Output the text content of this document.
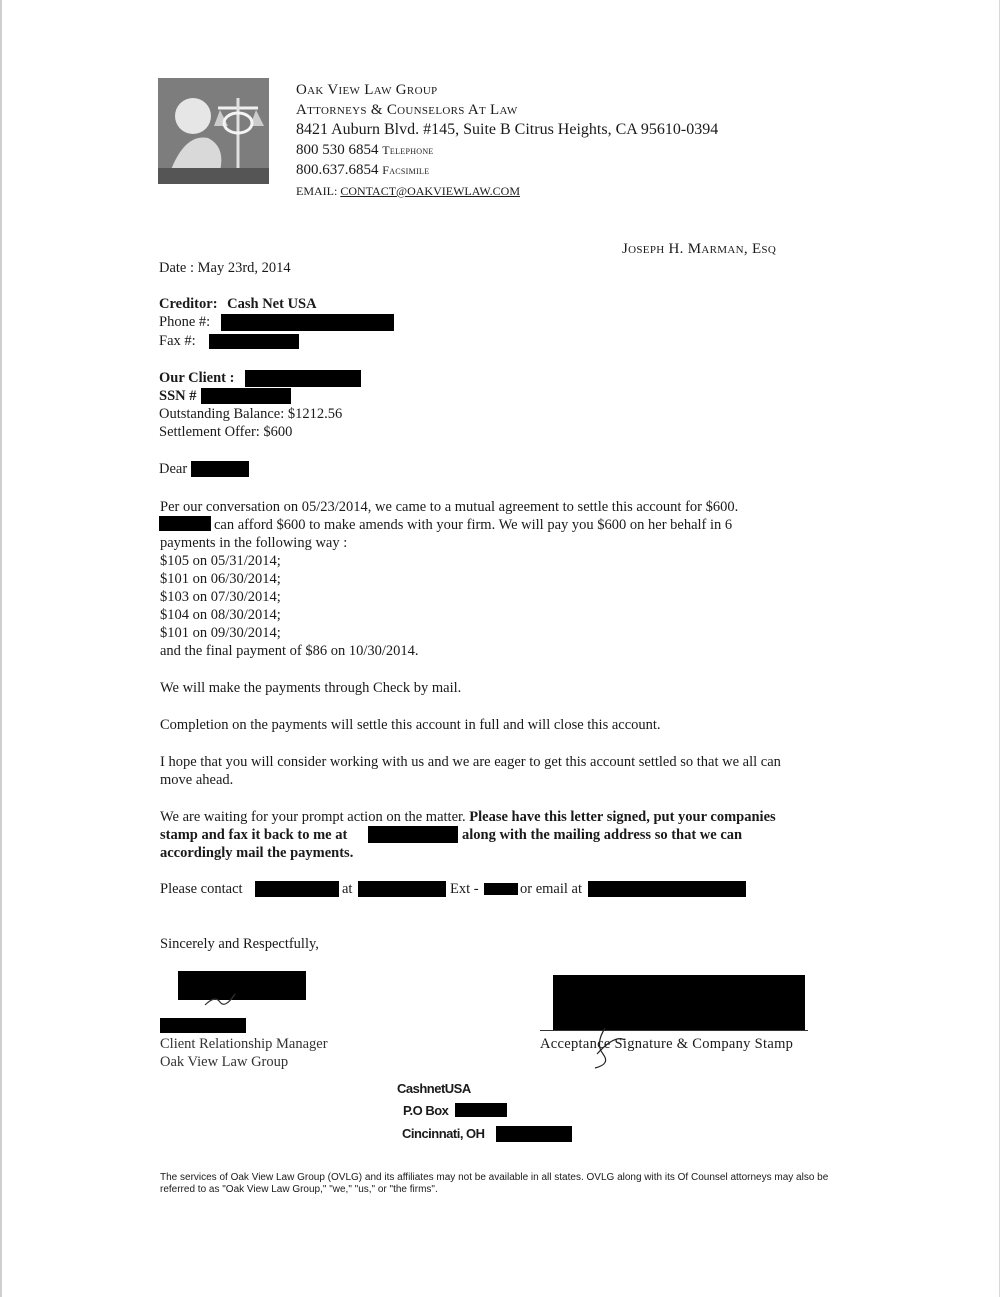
Oak View Law Group
Attorneys & Counselors At Law
8421 Auburn Blvd. #145, Suite B Citrus Heights, CA 95610-0394
800 530 6854 Telephone
800.637.6854 Facsimile
EMAIL: CONTACT@OAKVIEWLAW.COM
Joseph H. Marman, Esq
Date : May 23rd, 2014
Creditor: Cash Net USA
Phone #:
Fax #:
Our Client :
SSN #
Outstanding Balance: $1212.56
Settlement Offer: $600
Dear
Per our conversation on 05/23/2014, we came to a mutual agreement to settle this account for $600.
can afford $600 to make amends with your firm. We will pay you $600 on her behalf in 6
payments in the following way :
$105 on 05/31/2014;
$101 on 06/30/2014;
$103 on 07/30/2014;
$104 on 08/30/2014;
$101 on 09/30/2014;
and the final payment of $86 on 10/30/2014.
We will make the payments through Check by mail.
Completion on the payments will settle this account in full and will close this account.
I hope that you will consider working with us and we are eager to get this account settled so that we all can
move ahead.
We are waiting for your prompt action on the matter. Please have this letter signed, put your companies
stamp and fax it back to me at	along with the mailing address so that we can
accordingly mail the payments.
Please contact	at	Ext -	or email at
Sincerely and Respectfully,
Client Relationship Manager
Oak View Law Group
Acceptance Signature & Company Stamp
CashnetUSA
P.O Box
Cincinnati, OH
The services of Oak View Law Group (OVLG) and its affiliates may not be available in all states. OVLG along with its Of Counsel attorneys may also be referred to as "Oak View Law Group," "we," "us," or "the firms".
